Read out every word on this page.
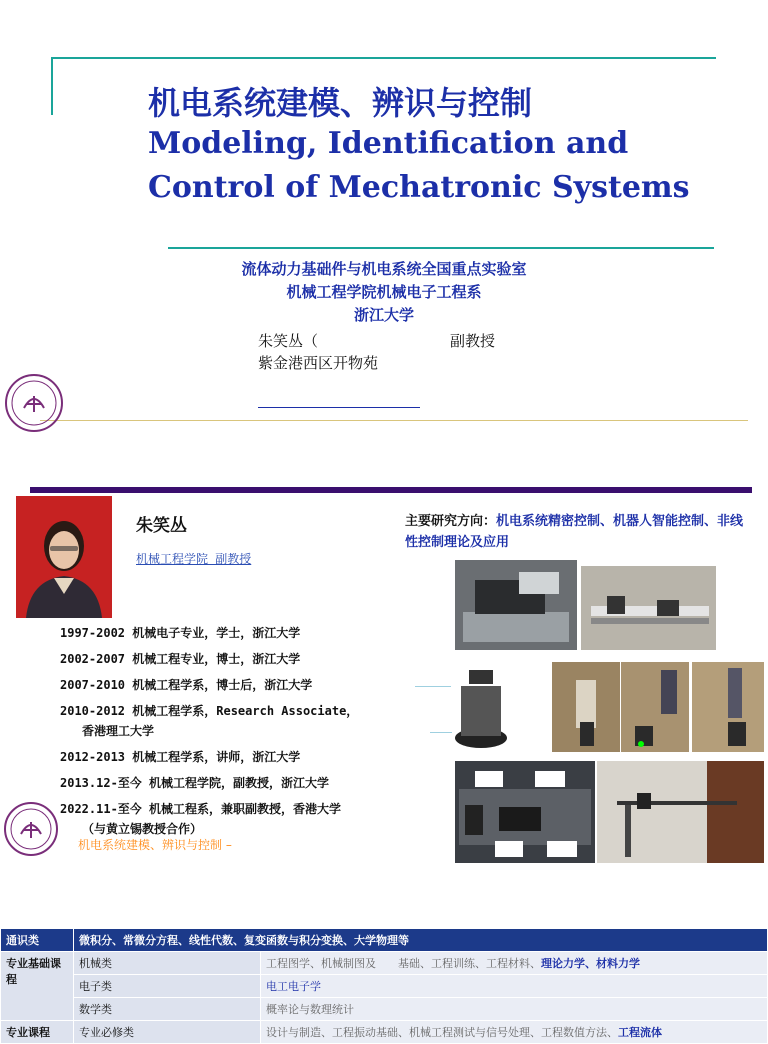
机电系统建模、辨识与控制
Modeling, Identification and
Control of Mechatronic Systems
流体动力基础件与机电系统全国重点实验室
机械工程学院机械电子工程系
浙江大学
朱笑丛（
紫金港西区开物苑
副教授
朱笑丛
机械工程学院 副教授
主要研究方向：机电系统精密控制、机器人智能控制、非线性控制理论及应用
1997-2002 机械电子专业，学士，浙江大学
2002-2007 机械工程专业，博士，浙江大学
2007-2010 机械工程学系，博士后，浙江大学
2010-2012 机械工程学系，Research Associate，
香港理工大学
2012-2013 机械工程学系，讲师，浙江大学
2013.12-至今 机械工程学院，副教授，浙江大学
2022.11-至今 机械工程系，兼职副教授，香港大学
（与黄立锡教授合作）
机电系统建模、辨识与控制 –
通识类	微积分、常微分方程、线性代数、复变函数与积分变换、大学物理等	
专业基础课程	机械类	工程图学、机械制图及　　基础、工程训练、工程材料、理论力学、材料力学
	电子类	电工电子学
	数学类	概率论与数理统计
专业课程	专业必修类	设计与制造、工程振动基础、机械工程测试与信号处理、工程数值方法、工程流体
